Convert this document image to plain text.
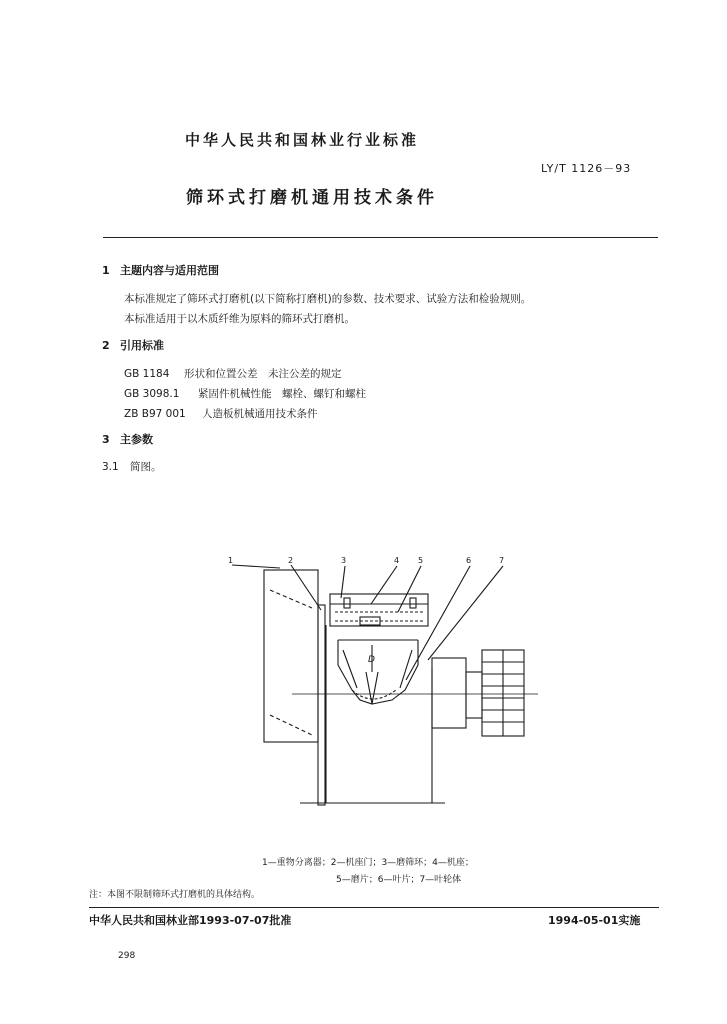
中华人民共和国林业行业标准
LY/T 1126－93
筛环式打磨机通用技术条件
1 主题内容与适用范围
本标准规定了筛环式打磨机(以下简称打磨机)的参数、技术要求、试验方法和检验规则。
本标准适用于以木质纤维为原料的筛环式打磨机。
2 引用标准
GB 1184 形状和位置公差　未注公差的规定
GB 3098.1 紧固件机械性能　螺栓、螺钉和螺柱
ZB B97 001 人造板机械通用技术条件
3 主参数
3.1 简图。
1	2	3	4 5	6	7
D
1—重物分离器；2—机座门；3—磨筛环；4—机座；
5—磨片；6—叶片；7—叶轮体
注：本图不限制筛环式打磨机的具体结构。
中华人民共和国林业部1993-07-07批准	1994-05-01实施
298
